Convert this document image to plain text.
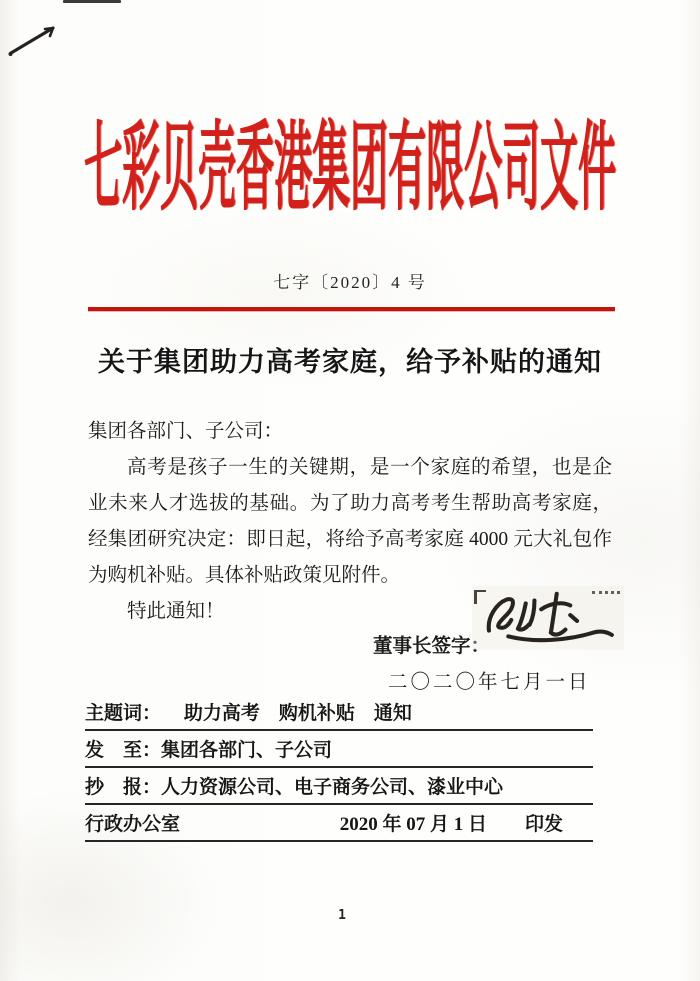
七彩贝壳香港集团有限公司文件
七字〔2020〕4 号
关于集团助力高考家庭，给予补贴的通知

集团各部门、子公司：

高考是孩子一生的关键期，是一个家庭的希望，也是企业未来人才选拔的基础。为了助力高考考生帮助高考家庭，经集团研究决定：即日起，将给予高考家庭 4000 元大礼包作为购机补贴。具体补贴政策见附件。

特此通知！

董事长签字：
二〇二〇年七月一日
主题词： 助力高考　购机补贴　通知
发　至： 集团各部门、子公司
抄　报： 人力资源公司、电子商务公司、漆业中心
行政办公室	2020 年 07 月 1 日　　印发
1
